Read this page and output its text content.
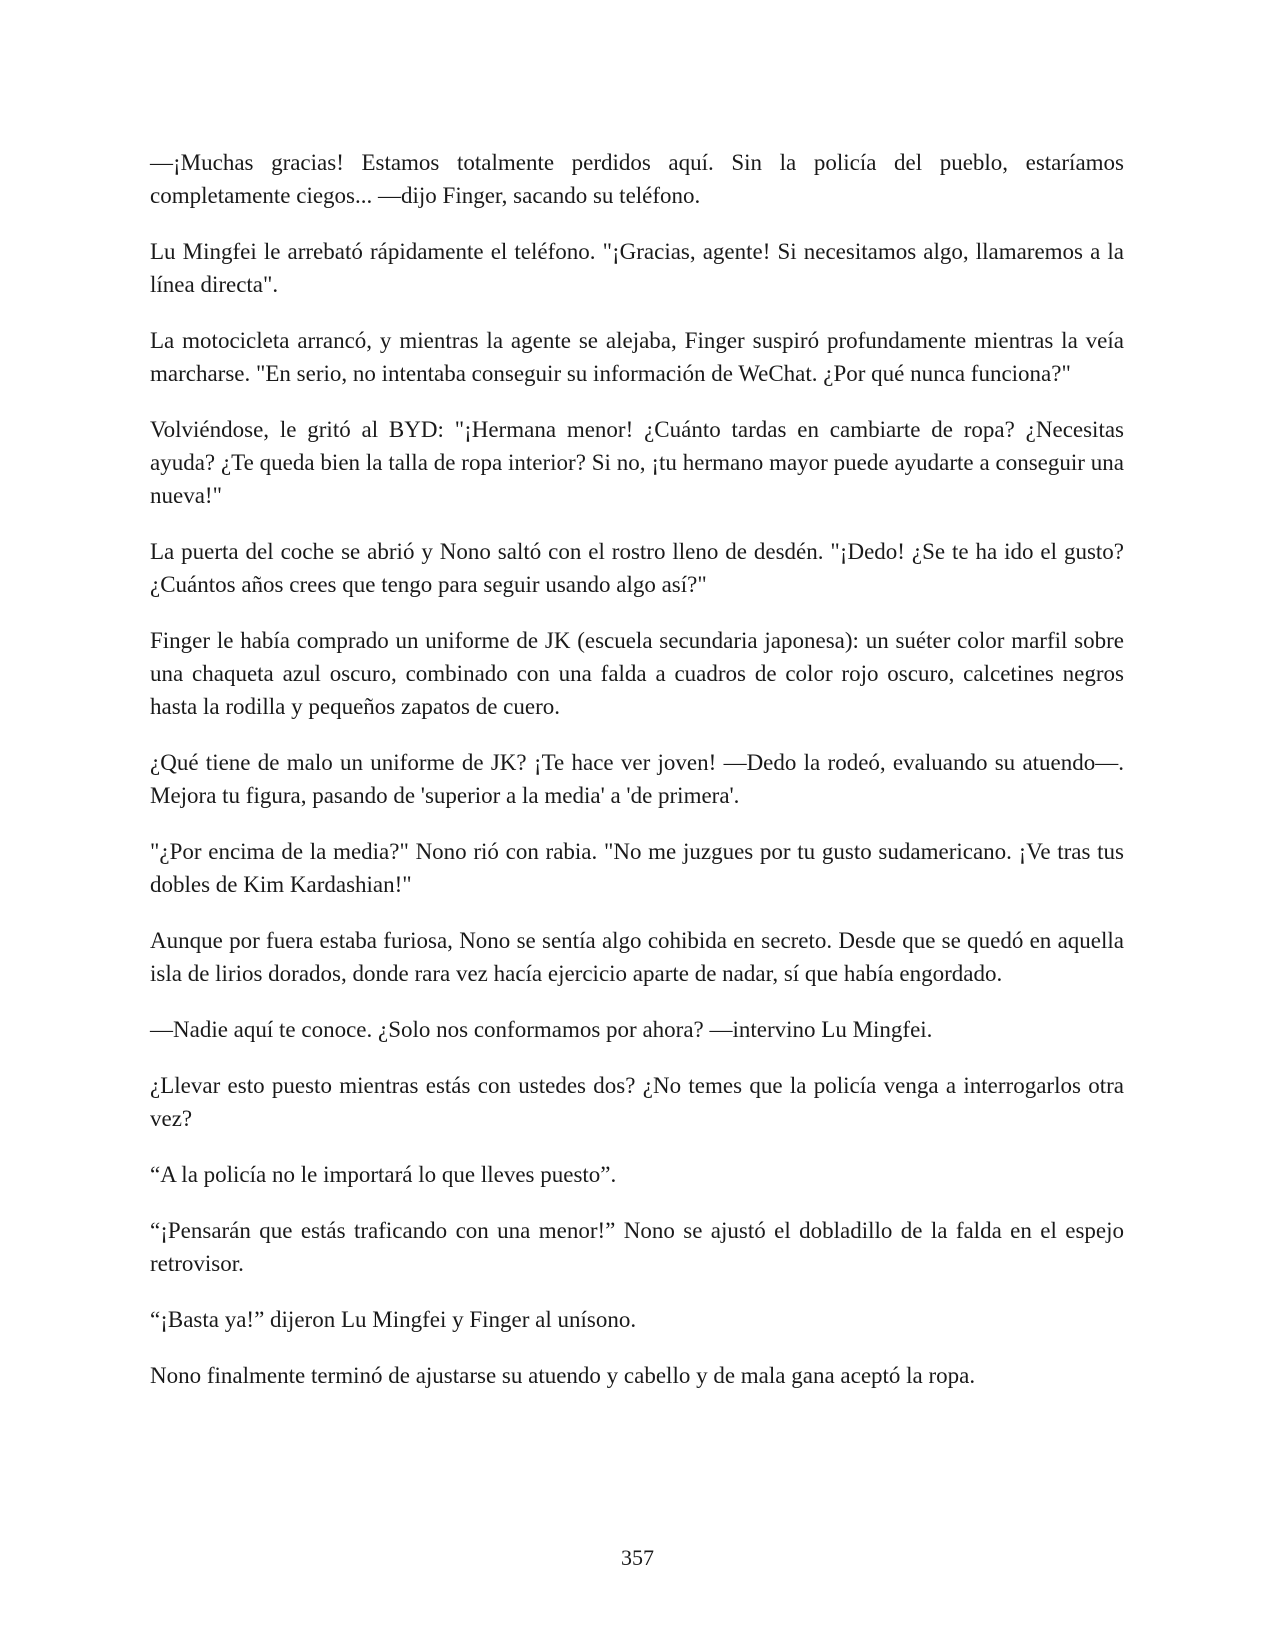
—¡Muchas gracias! Estamos totalmente perdidos aquí. Sin la policía del pueblo, estaríamos completamente ciegos... —dijo Finger, sacando su teléfono.

Lu Mingfei le arrebató rápidamente el teléfono. "¡Gracias, agente! Si necesitamos algo, llamaremos a la línea directa".

La motocicleta arrancó, y mientras la agente se alejaba, Finger suspiró profundamente mientras la veía marcharse. "En serio, no intentaba conseguir su información de WeChat. ¿Por qué nunca funciona?"

Volviéndose, le gritó al BYD: "¡Hermana menor! ¿Cuánto tardas en cambiarte de ropa? ¿Necesitas ayuda? ¿Te queda bien la talla de ropa interior? Si no, ¡tu hermano mayor puede ayudarte a conseguir una nueva!"

La puerta del coche se abrió y Nono saltó con el rostro lleno de desdén. "¡Dedo! ¿Se te ha ido el gusto? ¿Cuántos años crees que tengo para seguir usando algo así?"

Finger le había comprado un uniforme de JK (escuela secundaria japonesa): un suéter color marfil sobre una chaqueta azul oscuro, combinado con una falda a cuadros de color rojo oscuro, calcetines negros hasta la rodilla y pequeños zapatos de cuero.

¿Qué tiene de malo un uniforme de JK? ¡Te hace ver joven! —Dedo la rodeó, evaluando su atuendo—. Mejora tu figura, pasando de 'superior a la media' a 'de primera'.

"¿Por encima de la media?" Nono rió con rabia. "No me juzgues por tu gusto sudamericano. ¡Ve tras tus dobles de Kim Kardashian!"

Aunque por fuera estaba furiosa, Nono se sentía algo cohibida en secreto. Desde que se quedó en aquella isla de lirios dorados, donde rara vez hacía ejercicio aparte de nadar, sí que había engordado.

—Nadie aquí te conoce. ¿Solo nos conformamos por ahora? —intervino Lu Mingfei.

¿Llevar esto puesto mientras estás con ustedes dos? ¿No temes que la policía venga a interrogarlos otra vez?

“A la policía no le importará lo que lleves puesto”.

“¡Pensarán que estás traficando con una menor!” Nono se ajustó el dobladillo de la falda en el espejo retrovisor.

“¡Basta ya!” dijeron Lu Mingfei y Finger al unísono.

Nono finalmente terminó de ajustarse su atuendo y cabello y de mala gana aceptó la ropa.

357
